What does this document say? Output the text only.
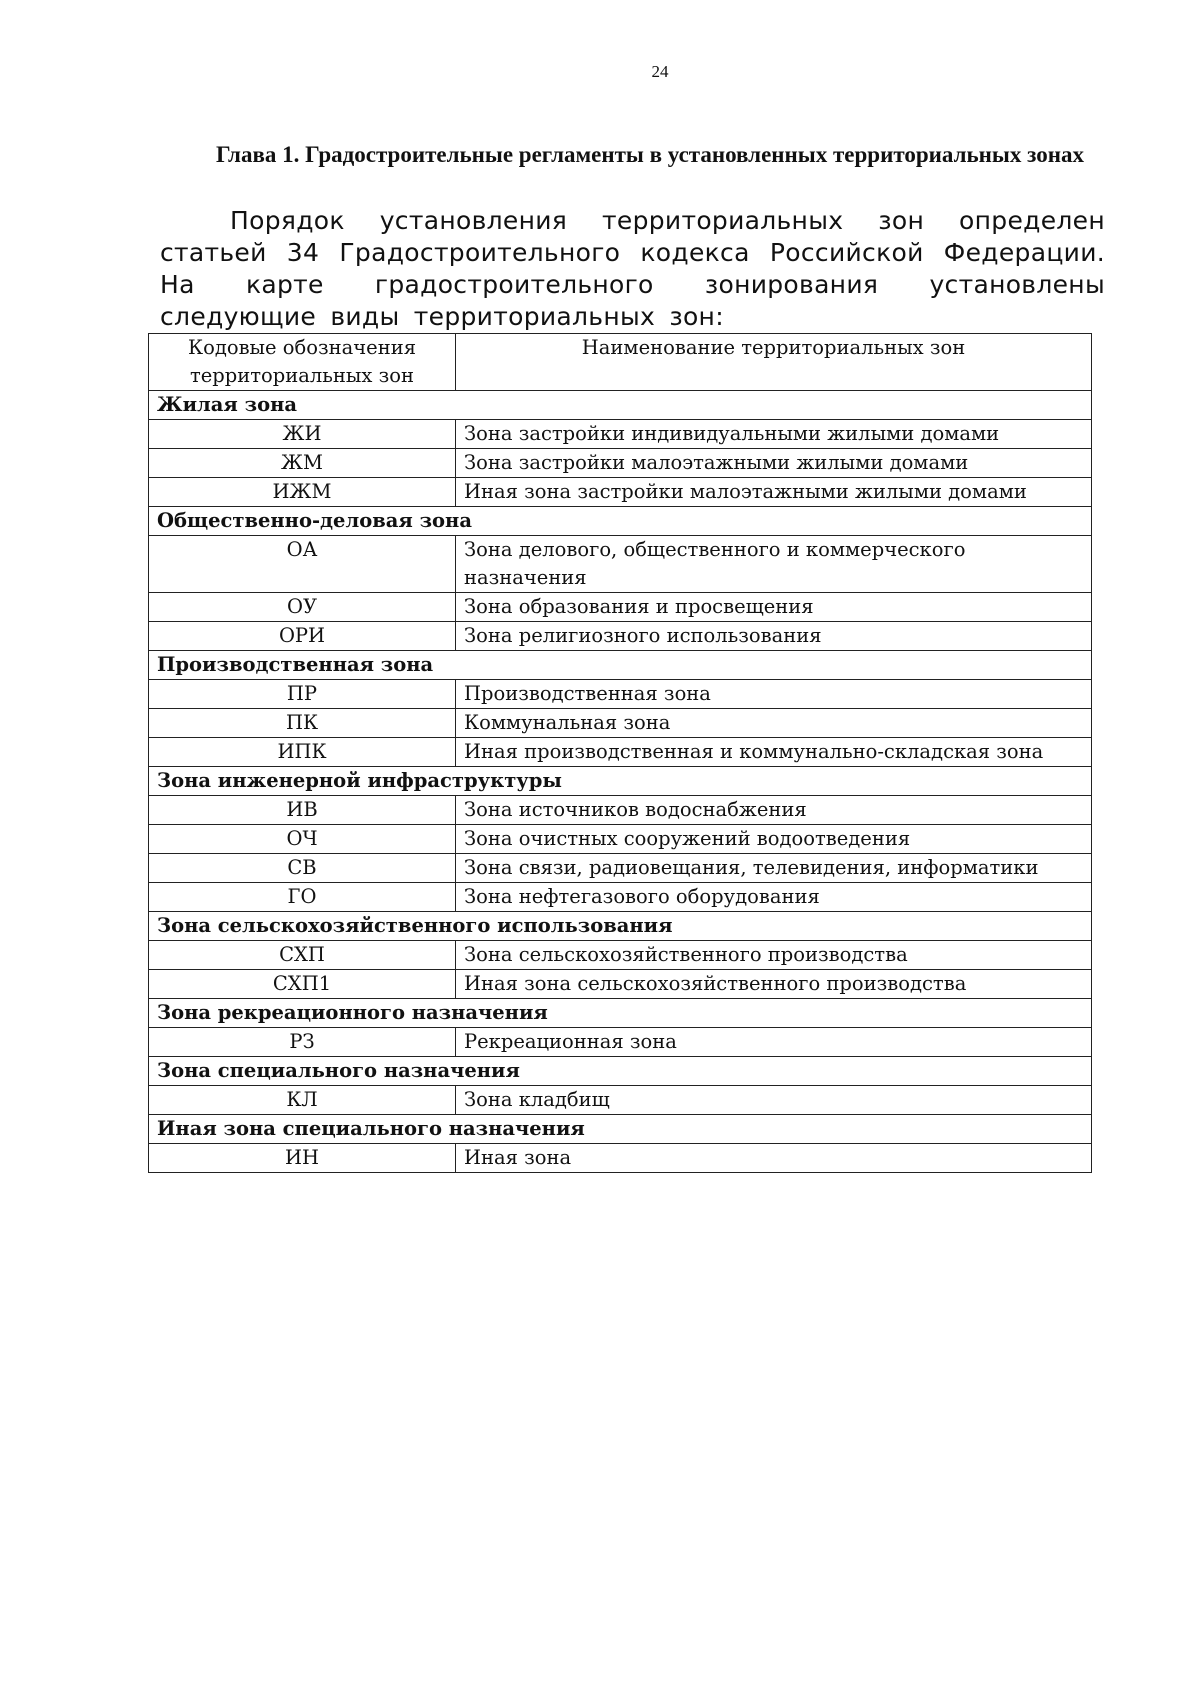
24
Глава 1. Градостроительные регламенты в установленных территориальных зонах
Порядок установления территориальных зон определен статьей 34 Градостроительного кодекса Российской Федерации. На карте градостроительного зонирования установлены следующие виды территориальных зон:
Кодовые обозначения территориальных зон	Наименование территориальных зон
Жилая зона	
ЖИ	Зона застройки индивидуальными жилыми домами
ЖМ	Зона застройки малоэтажными жилыми домами
ИЖМ	Иная зона застройки малоэтажными жилыми домами
Общественно-деловая зона	
ОА	Зона делового, общественного и коммерческого назначения
ОУ	Зона образования и просвещения
ОРИ	Зона религиозного использования
Производственная зона	
ПР	Производственная зона
ПК	Коммунальная зона
ИПК	Иная производственная и коммунально-складская зона
Зона инженерной инфраструктуры	
ИВ	Зона источников водоснабжения
ОЧ	Зона очистных сооружений водоотведения
СВ	Зона связи, радиовещания, телевидения, информатики
ГО	Зона нефтегазового оборудования
Зона сельскохозяйственного использования	
СХП	Зона сельскохозяйственного производства
СХП1	Иная зона сельскохозяйственного производства
Зона рекреационного назначения	
РЗ	Рекреационная зона
Зона специального назначения	
КЛ	Зона кладбищ
Иная зона специального назначения	
ИН	Иная зона
